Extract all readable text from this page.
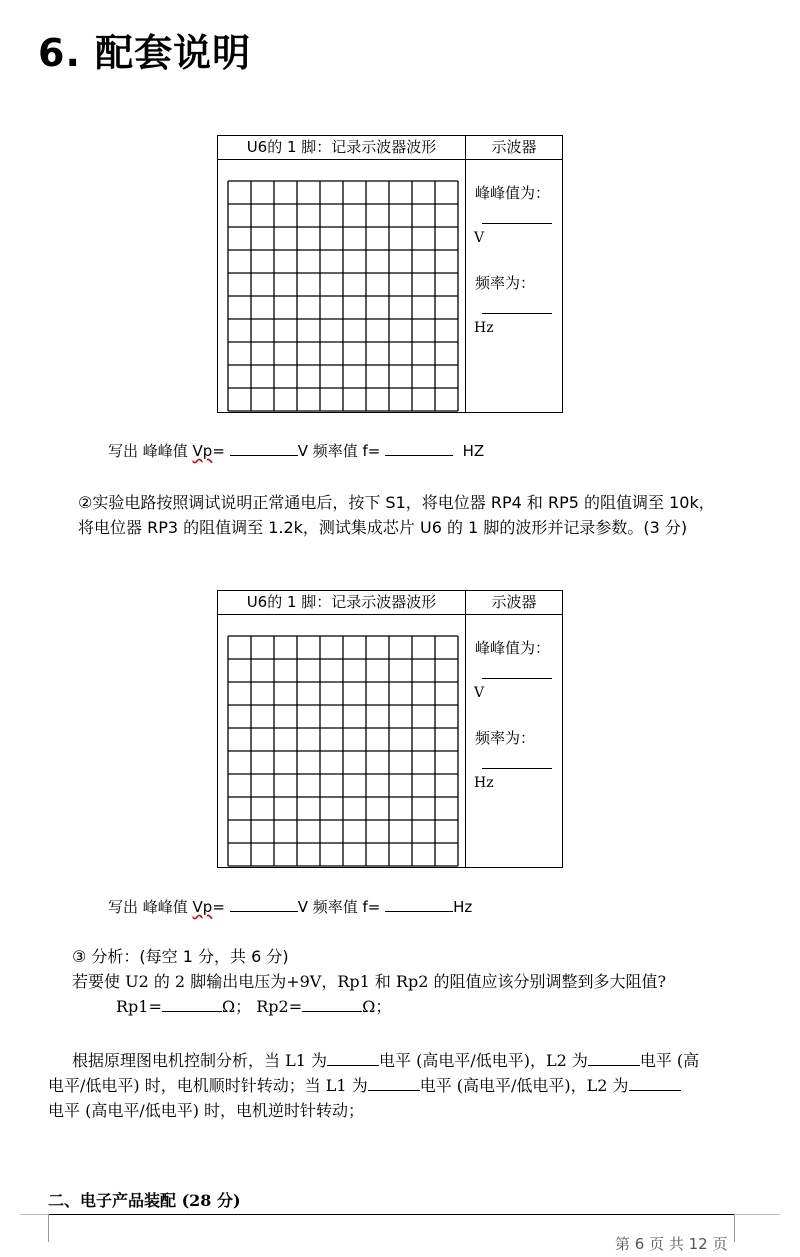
6. 配套说明
U6的 1 脚：记录示波器波形	示波器
峰峰值为：
V
频率为：
Hz
写出 峰峰值 Vp=	V 频率值 f=	HZ
②实验电路按照调试说明正常通电后，按下 S1，将电位器 RP4 和 RP5 的阻值调至 10k，
将电位器 RP3 的阻值调至 1.2k，测试集成芯片 U6 的 1 脚的波形并记录参数。(3 分)
U6的 1 脚：记录示波器波形	示波器
峰峰值为：
V
频率为：
Hz
写出 峰峰值 Vp=	V 频率值 f=	Hz
③ 分析：(每空 1 分，共 6 分)
若要使 U2 的 2 脚输出电压为+9V，Rp1 和 Rp2 的阻值应该分别调整到多大阻值?
Rp1=	Ω； Rp2=	Ω；
根据原理图电机控制分析，当 L1 为	电平 (高电平/低电平)，L2 为	电平 (高
电平/低电平) 时，电机顺时针转动；当 L1 为	电平 (高电平/低电平)，L2 为
电平 (高电平/低电平) 时，电机逆时针转动；
二、电子产品装配 (28 分)
第 6 页 共 12 页
